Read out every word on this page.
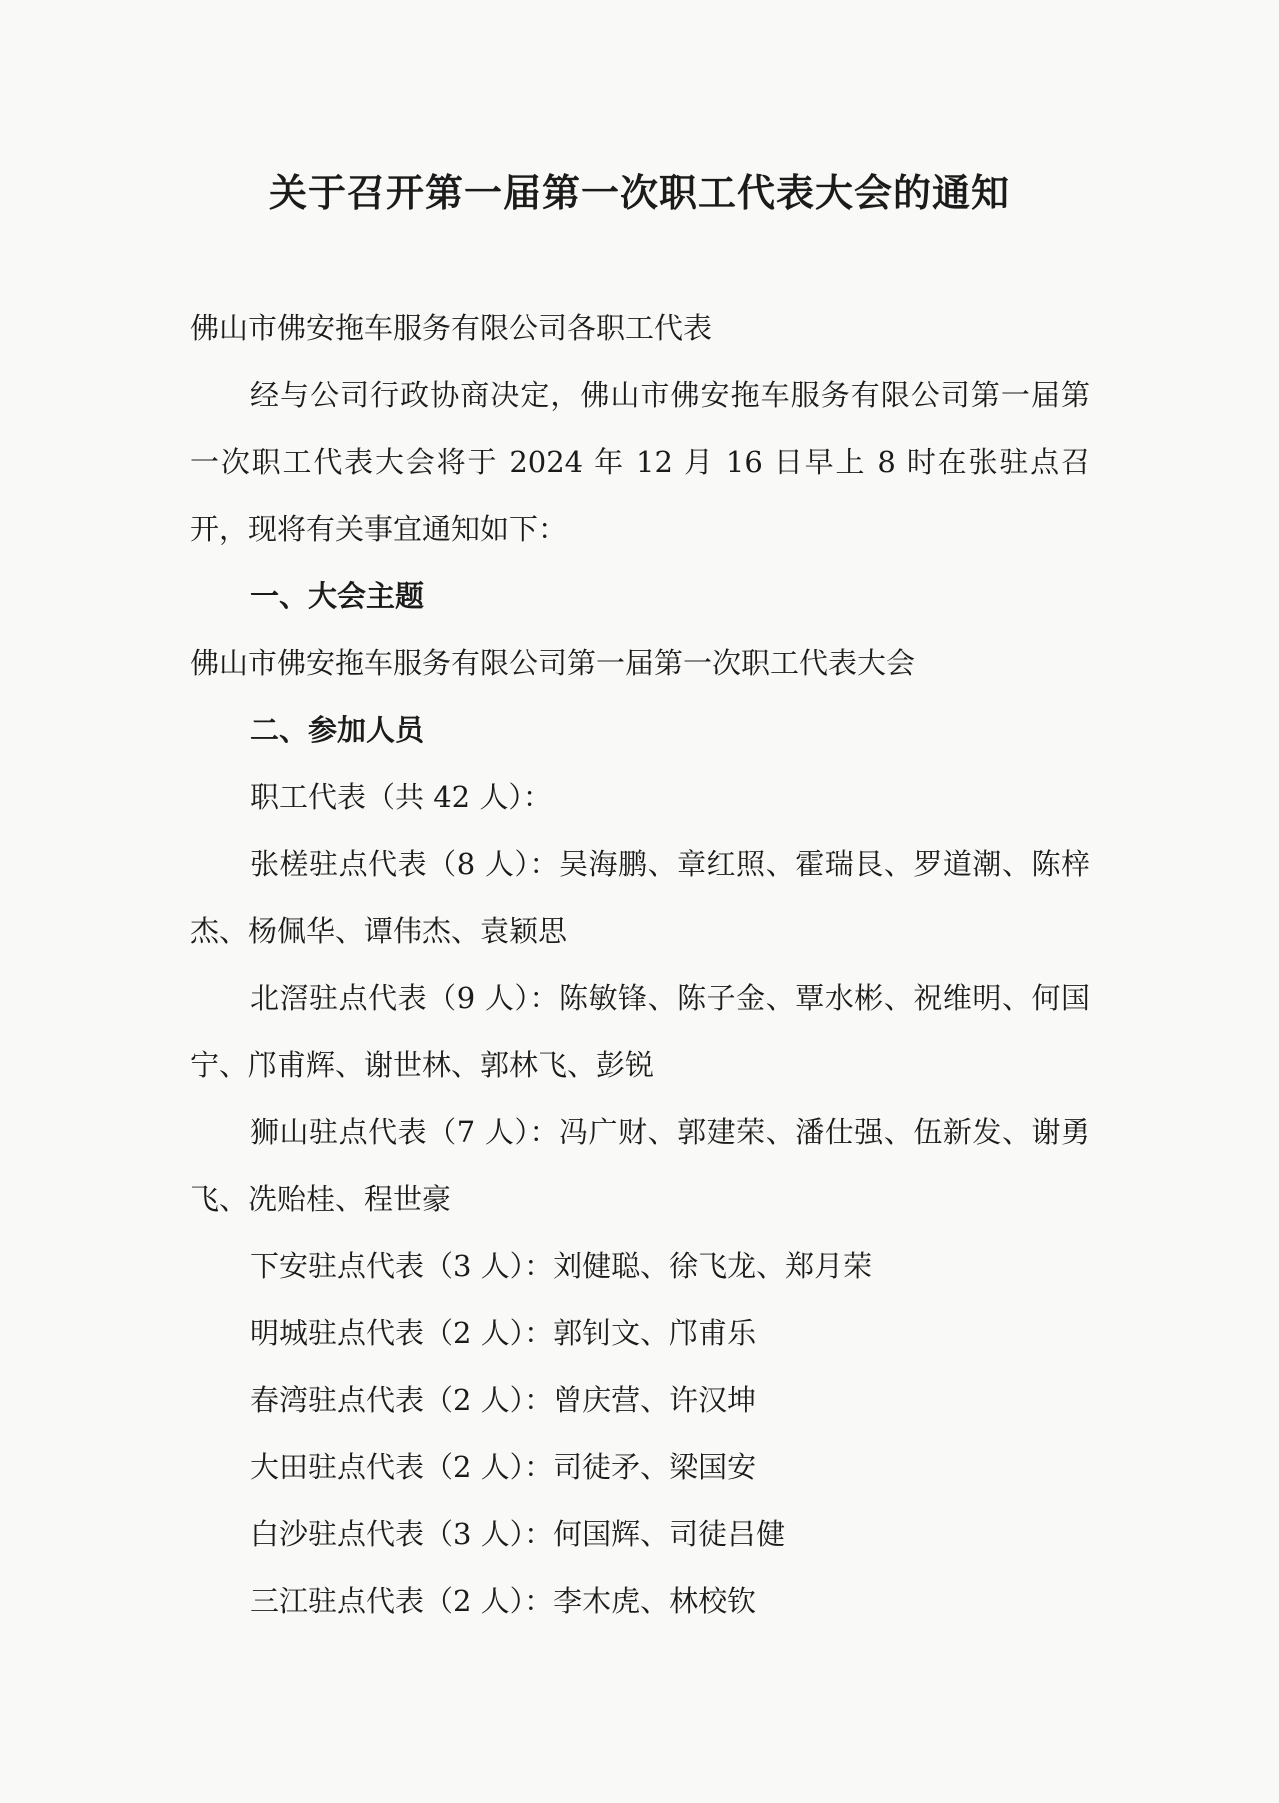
关于召开第一届第一次职工代表大会的通知

佛山市佛安拖车服务有限公司各职工代表

经与公司行政协商决定，佛山市佛安拖车服务有限公司第一届第一次职工代表大会将于 2024 年 12 月 16 日早上 8 时在张驻点召开，现将有关事宜通知如下：

一、大会主题

佛山市佛安拖车服务有限公司第一届第一次职工代表大会

二、参加人员

职工代表（共 42 人）：

张槎驻点代表（8 人）：吴海鹏、章红照、霍瑞艮、罗道潮、陈梓杰、杨佩华、谭伟杰、袁颖思

北滘驻点代表（9 人）：陈敏锋、陈子金、覃水彬、祝维明、何国宁、邝甫辉、谢世林、郭林飞、彭锐

狮山驻点代表（7 人）：冯广财、郭建荣、潘仕强、伍新发、谢勇飞、冼贻桂、程世豪

下安驻点代表（3 人）：刘健聪、徐飞龙、郑月荣

明城驻点代表（2 人）：郭钊文、邝甫乐

春湾驻点代表（2 人）：曾庆营、许汉坤

大田驻点代表（2 人）：司徒矛、梁国安

白沙驻点代表（3 人）：何国辉、司徒吕健

三江驻点代表（2 人）：李木虎、林校钦
